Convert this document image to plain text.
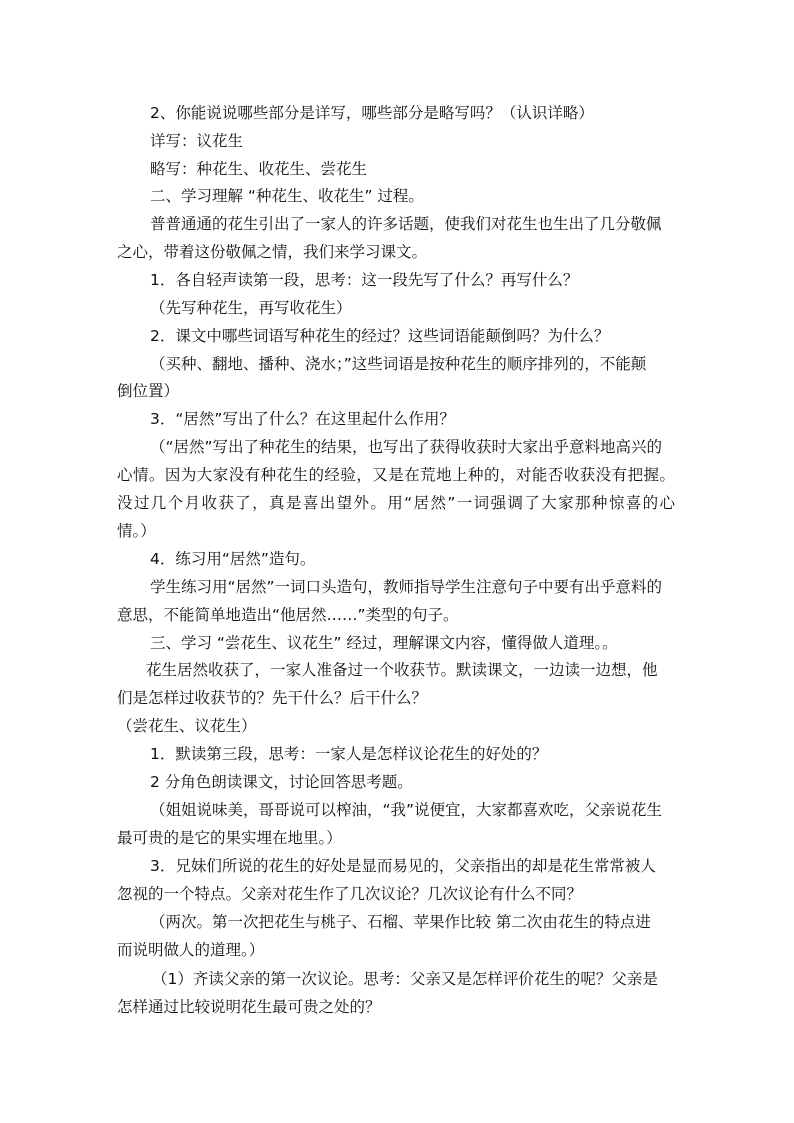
2、你能说说哪些部分是详写，哪些部分是略写吗？（认识详略）
详写：议花生
略写：种花生、收花生、尝花生
二、学习理解 “种花生、收花生” 过程。
普普通通的花生引出了一家人的许多话题，使我们对花生也生出了几分敬佩
之心，带着这份敬佩之情，我们来学习课文。
1．各自轻声读第一段，思考：这一段先写了什么？再写什么？
（先写种花生，再写收花生）
2．课文中哪些词语写种花生的经过？这些词语能颠倒吗？为什么？
（买种、翻地、播种、浇水；”这些词语是按种花生的顺序排列的，不能颠
倒位置）
3．“居然”写出了什么？在这里起什么作用？
（“居然”写出了种花生的结果，也写出了获得收获时大家出乎意料地高兴的
心情。因为大家没有种花生的经验，又是在荒地上种的，对能否收获没有把握。
没过几个月收获了，真是喜出望外。用“居然”一词强调了大家那种惊喜的心
情。）
4．练习用“居然”造句。
学生练习用“居然”一词口头造句，教师指导学生注意句子中要有出乎意料的
意思，不能简单地造出“他居然……”类型的句子。
三、学习 “尝花生、议花生” 经过，理解课文内容，懂得做人道理。。
花生居然收获了，一家人准备过一个收获节。默读课文，一边读一边想，他
们是怎样过收获节的？先干什么？后干什么？
（尝花生、议花生）
1．默读第三段，思考：一家人是怎样议论花生的好处的？
2 分角色朗读课文，讨论回答思考题。
（姐姐说味美，哥哥说可以榨油，“我”说便宜，大家都喜欢吃，父亲说花生
最可贵的是它的果实埋在地里。）
3．兄妹们所说的花生的好处是显而易见的，父亲指出的却是花生常常被人
忽视的一个特点。父亲对花生作了几次议论？几次议论有什么不同？
（两次。第一次把花生与桃子、石榴、苹果作比较 第二次由花生的特点进
而说明做人的道理。）
（1）齐读父亲的第一次议论。思考：父亲又是怎样评价花生的呢？父亲是
怎样通过比较说明花生最可贵之处的？
